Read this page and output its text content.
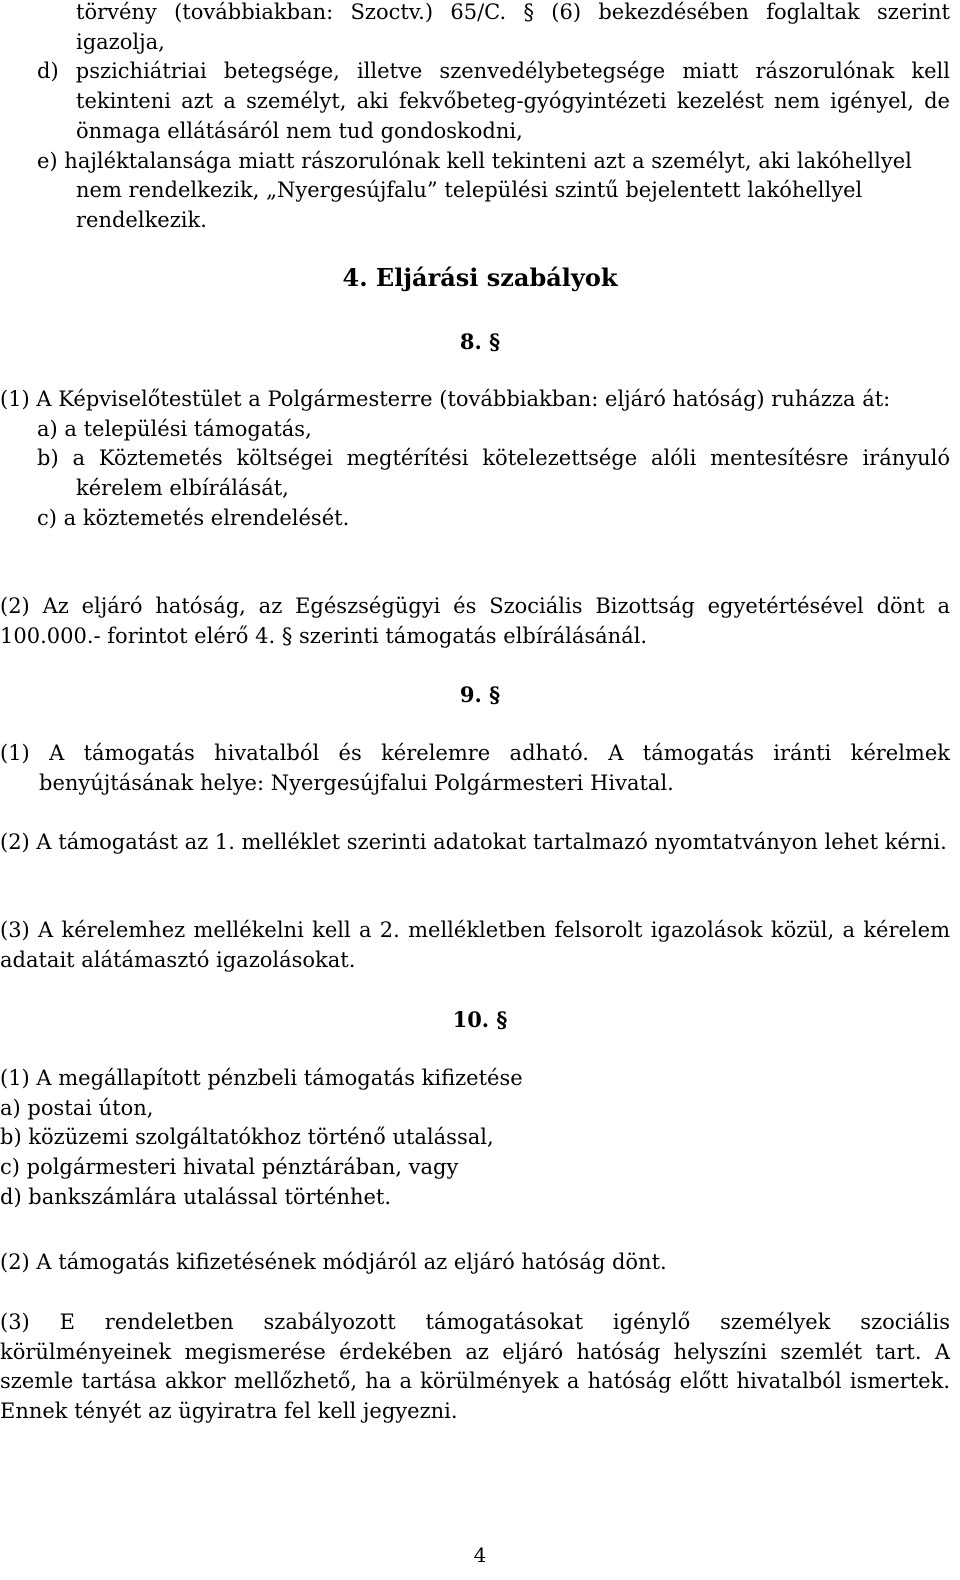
törvény (továbbiakban: Szoctv.) 65/C. § (6) bekezdésében foglaltak szerint igazolja,

d) pszichiátriai betegsége, illetve szenvedélybetegsége miatt rászorulónak kell tekinteni azt a személyt, aki fekvőbeteg-gyógyintézeti kezelést nem igényel, de önmaga ellátásáról nem tud gondoskodni,

e) hajléktalansága miatt rászorulónak kell tekinteni azt a személyt, aki lakóhellyel nem rendelkezik, „Nyergesújfalu” települési szintű bejelentett lakóhellyel rendelkezik.

4. Eljárási szabályok
8. §

(1) A Képviselőtestület a Polgármesterre (továbbiakban: eljáró hatóság) ruházza át:

a) a települési támogatás,

b) a Köztemetés költségei megtérítési kötelezettsége alóli mentesítésre irányuló kérelem elbírálását,

c) a köztemetés elrendelését.

(2) Az eljáró hatóság, az Egészségügyi és Szociális Bizottság egyetértésével dönt a 100.000.- forintot elérő 4. § szerinti támogatás elbírálásánál.

9. §

(1) A támogatás hivatalból és kérelemre adható. A támogatás iránti kérelmek benyújtásának helye: Nyergesújfalui Polgármesteri Hivatal.

(2) A támogatást az 1. melléklet szerinti adatokat tartalmazó nyomtatványon lehet kérni.

(3) A kérelemhez mellékelni kell a 2. mellékletben felsorolt igazolások közül, a kérelem adatait alátámasztó igazolásokat.

10. §

(1) A megállapított pénzbeli támogatás kifizetése

a) postai úton,

b) közüzemi szolgáltatókhoz történő utalással,

c) polgármesteri hivatal pénztárában, vagy

d) bankszámlára utalással történhet.

(2) A támogatás kifizetésének módjáról az eljáró hatóság dönt.

(3) E rendeletben szabályozott támogatásokat igénylő személyek szociális körülményeinek megismerése érdekében az eljáró hatóság helyszíni szemlét tart. A szemle tartása akkor mellőzhető, ha a körülmények a hatóság előtt hivatalból ismertek. Ennek tényét az ügyiratra fel kell jegyezni.

4
